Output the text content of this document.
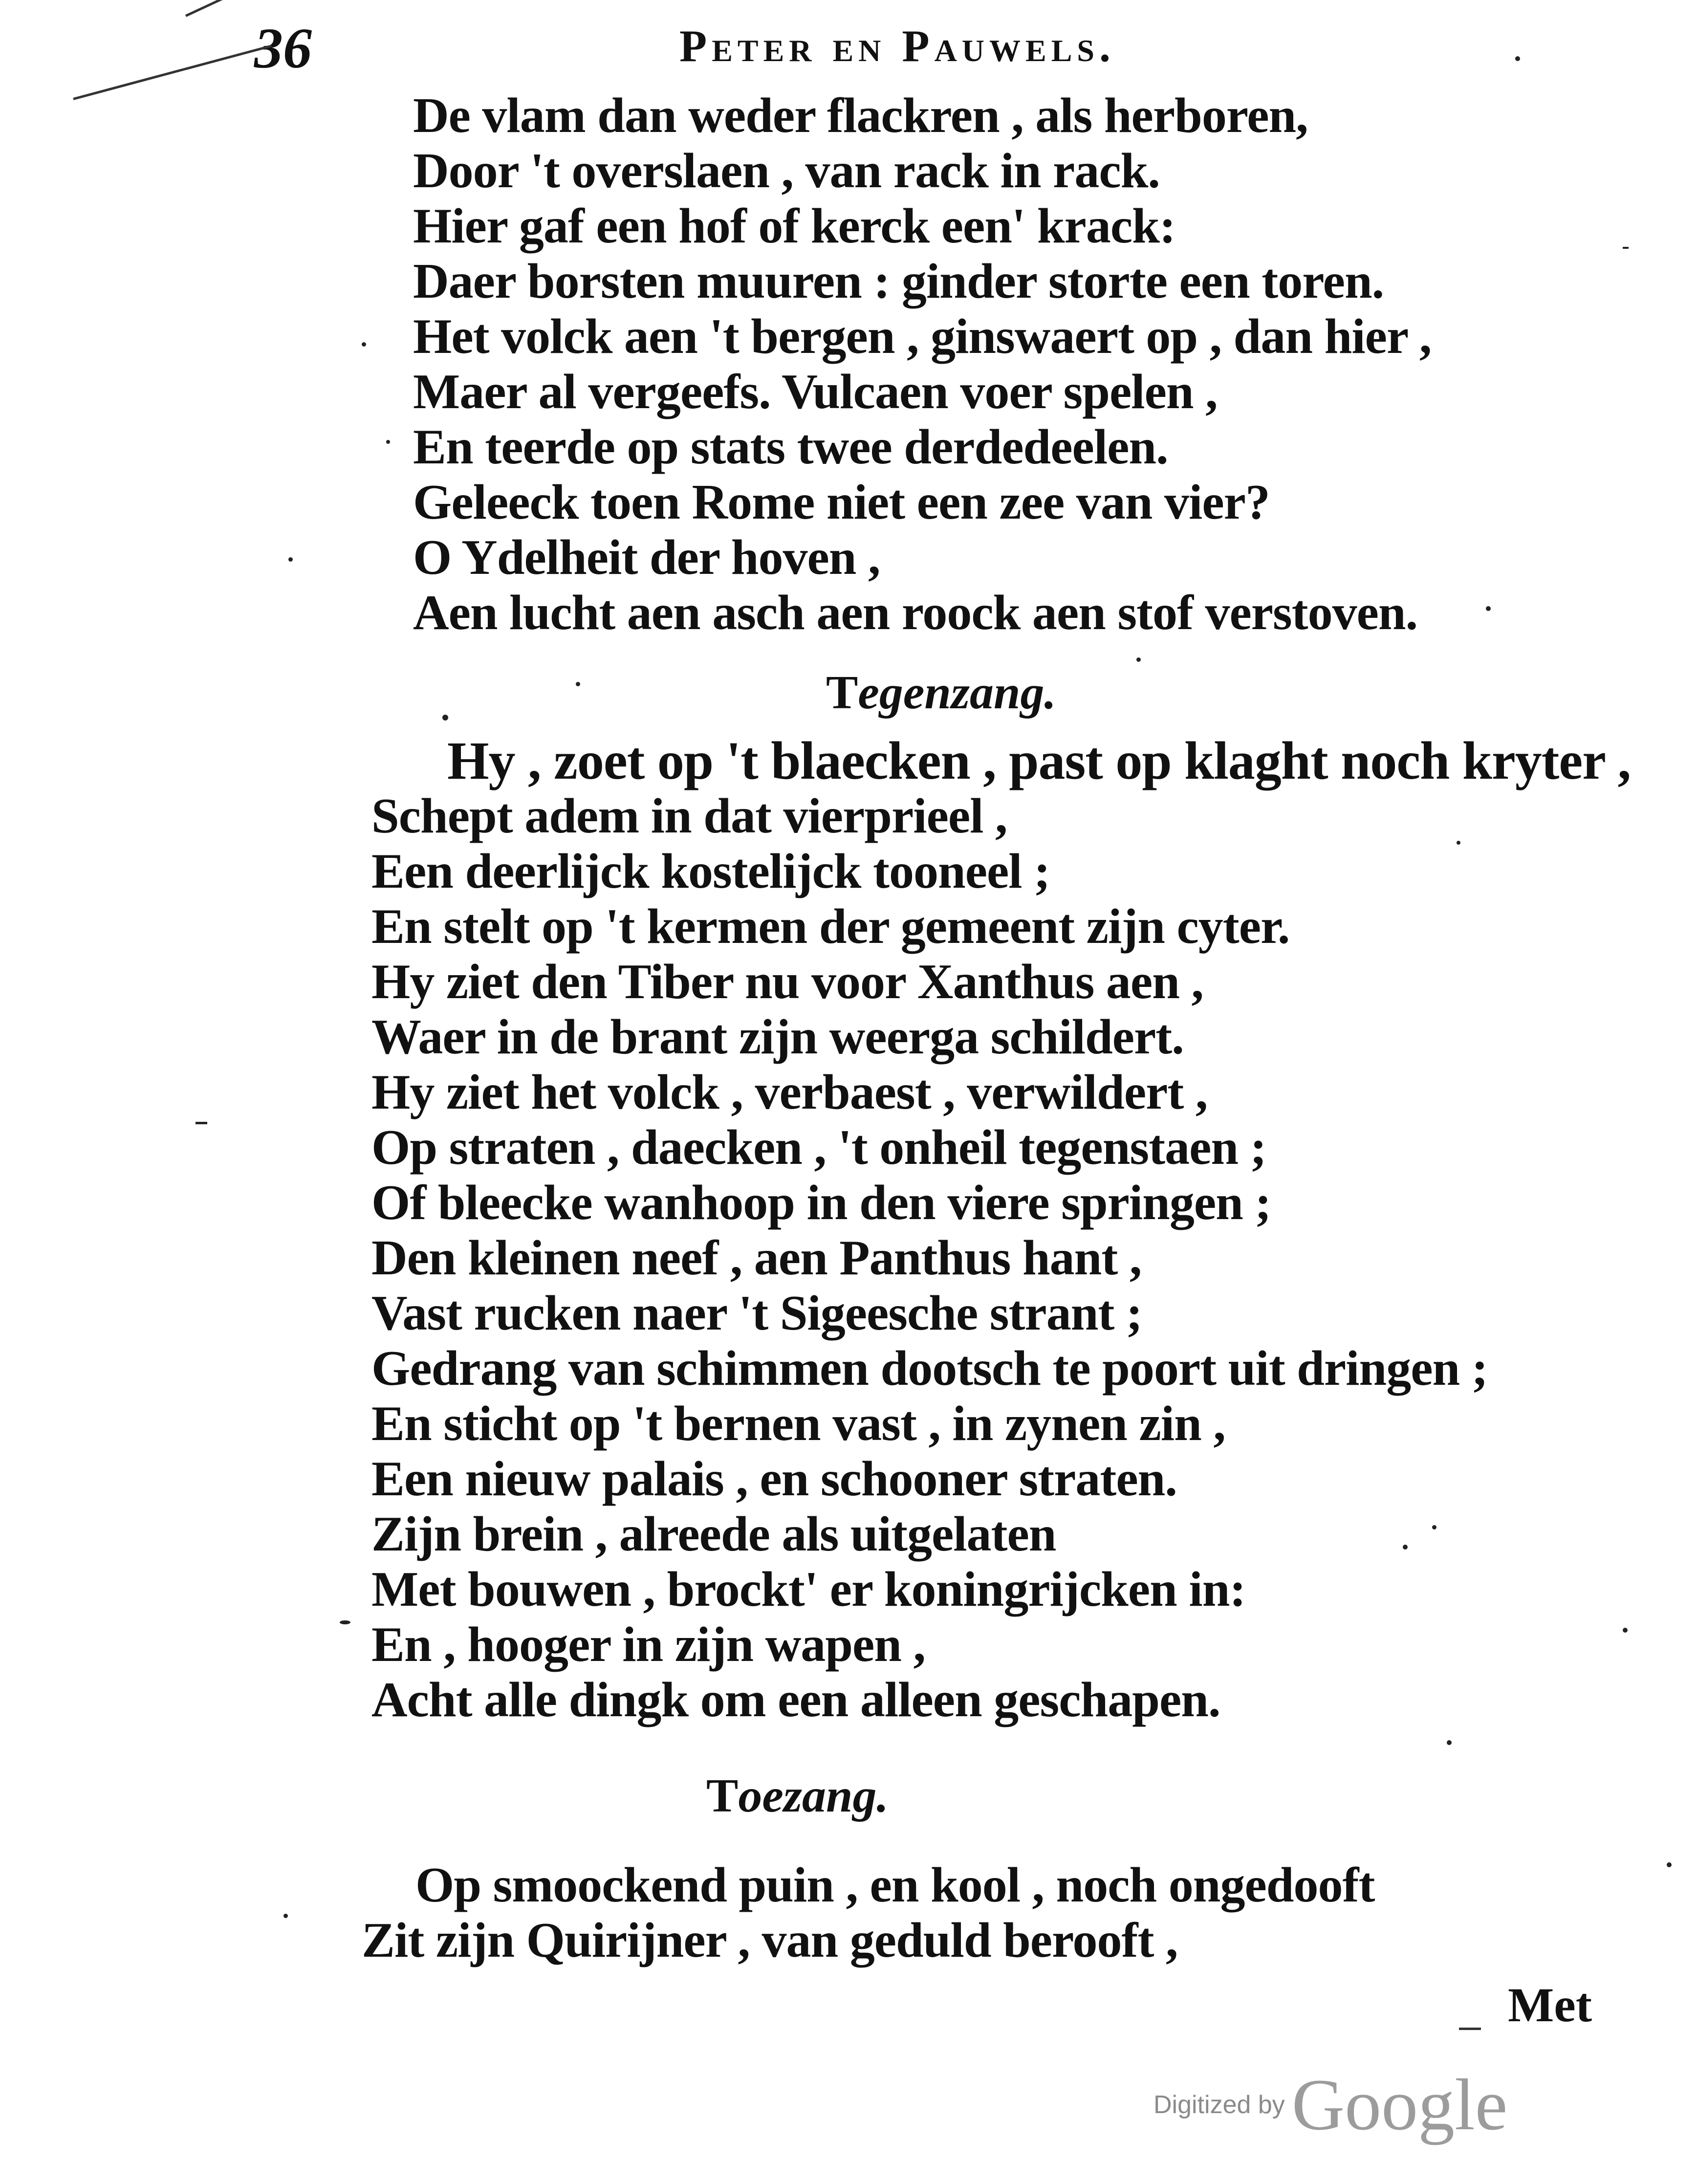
36	Peter en Pauwels.
De vlam dan weder flackren , als herboren,
Door 't overslaen , van rack in rack.
Hier gaf een hof of kerck een' krack:
Daer borsten muuren : ginder storte een toren.
Het volck aen 't bergen , ginswaert op , dan hier ,
Maer al vergeefs. Vulcaen voer spelen ,
En teerde op stats twee derdedeelen.
Geleeck toen Rome niet een zee van vier?
O Ydelheit der hoven ,
Aen lucht aen asch aen roock aen stof verstoven.
Tegenzang.
Hy , zoet op 't blaecken , past op klaght noch kryter ,
Schept adem in dat vierprieel ,
Een deerlijck kostelijck tooneel ;
En stelt op 't kermen der gemeent zijn cyter.
Hy ziet den Tiber nu voor Xanthus aen ,
Waer in de brant zijn weerga schildert.
Hy ziet het volck , verbaest , verwildert ,
Op straten , daecken , 't onheil tegenstaen ;
Of bleecke wanhoop in den viere springen ;
Den kleinen neef , aen Panthus hant ,
Vast rucken naer 't Sigeesche strant ;
Gedrang van schimmen dootsch te poort uit dringen ;
En sticht op 't bernen vast , in zynen zin ,
Een nieuw palais , en schooner straten.
Zijn brein , alreede als uitgelaten
Met bouwen , brockt' er koningrijcken in:
En , hooger in zijn wapen ,
Acht alle dingk om een alleen geschapen.
Toezang.
Op smoockend puin , en kool , noch ongedooft
Zit zijn Quirijner , van geduld berooft ,
Met
Digitized byGoogle
